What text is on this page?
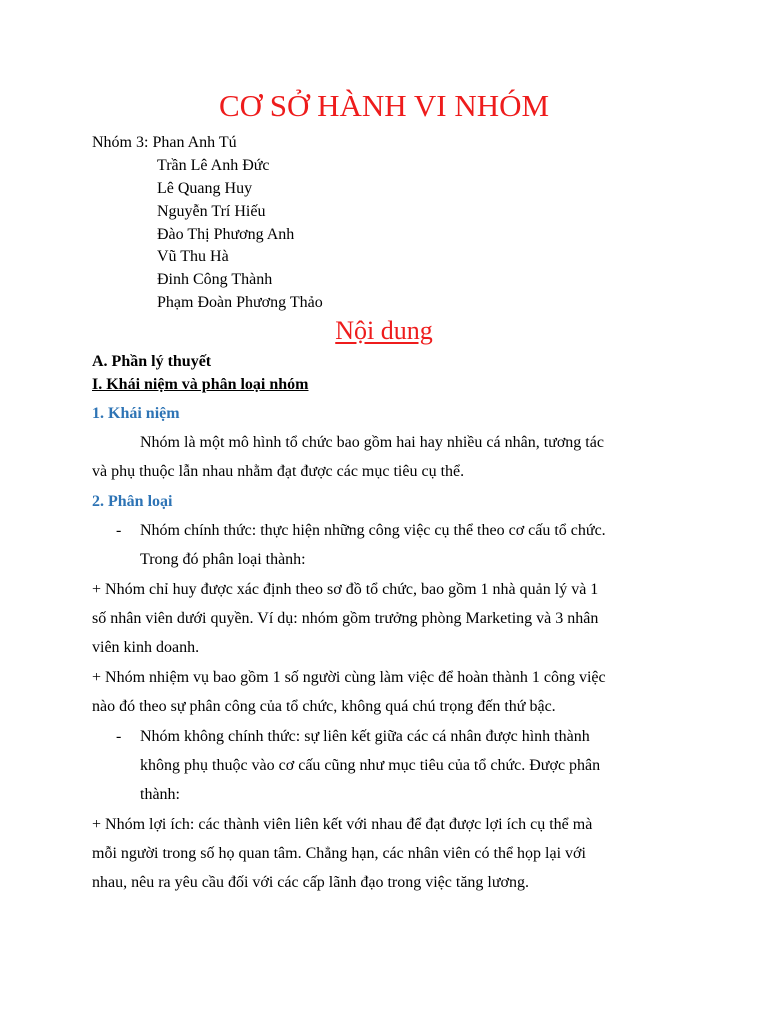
CƠ SỞ HÀNH VI NHÓM
Nhóm 3: Phan Anh Tú
Trần Lê Anh Đức
Lê Quang Huy
Nguyễn Trí Hiếu
Đào Thị Phương Anh
Vũ Thu Hà
Đinh Công Thành
Phạm Đoàn Phương Thảo
Nội dung
A. Phần lý thuyết
I. Khái niệm và phân loại nhóm
1. Khái niệm
Nhóm là một mô hình tổ chức bao gồm hai hay nhiều cá nhân, tương tác
và phụ thuộc lẫn nhau nhằm đạt được các mục tiêu cụ thể.
2. Phân loại
- Nhóm chính thức: thực hiện những công việc cụ thể theo cơ cấu tổ chức.
Trong đó phân loại thành:
+ Nhóm chỉ huy được xác định theo sơ đồ tổ chức, bao gồm 1 nhà quản lý và 1
số nhân viên dưới quyền. Ví dụ: nhóm gồm trưởng phòng Marketing và 3 nhân
viên kinh doanh.
+ Nhóm nhiệm vụ bao gồm 1 số người cùng làm việc để hoàn thành 1 công việc
nào đó theo sự phân công của tổ chức, không quá chú trọng đến thứ bậc.
- Nhóm không chính thức: sự liên kết giữa các cá nhân được hình thành
không phụ thuộc vào cơ cấu cũng như mục tiêu của tổ chức. Được phân
thành:
+ Nhóm lợi ích: các thành viên liên kết với nhau để đạt được lợi ích cụ thể mà
mỗi người trong số họ quan tâm. Chẳng hạn, các nhân viên có thể họp lại với
nhau, nêu ra yêu cầu đối với các cấp lãnh đạo trong việc tăng lương.
